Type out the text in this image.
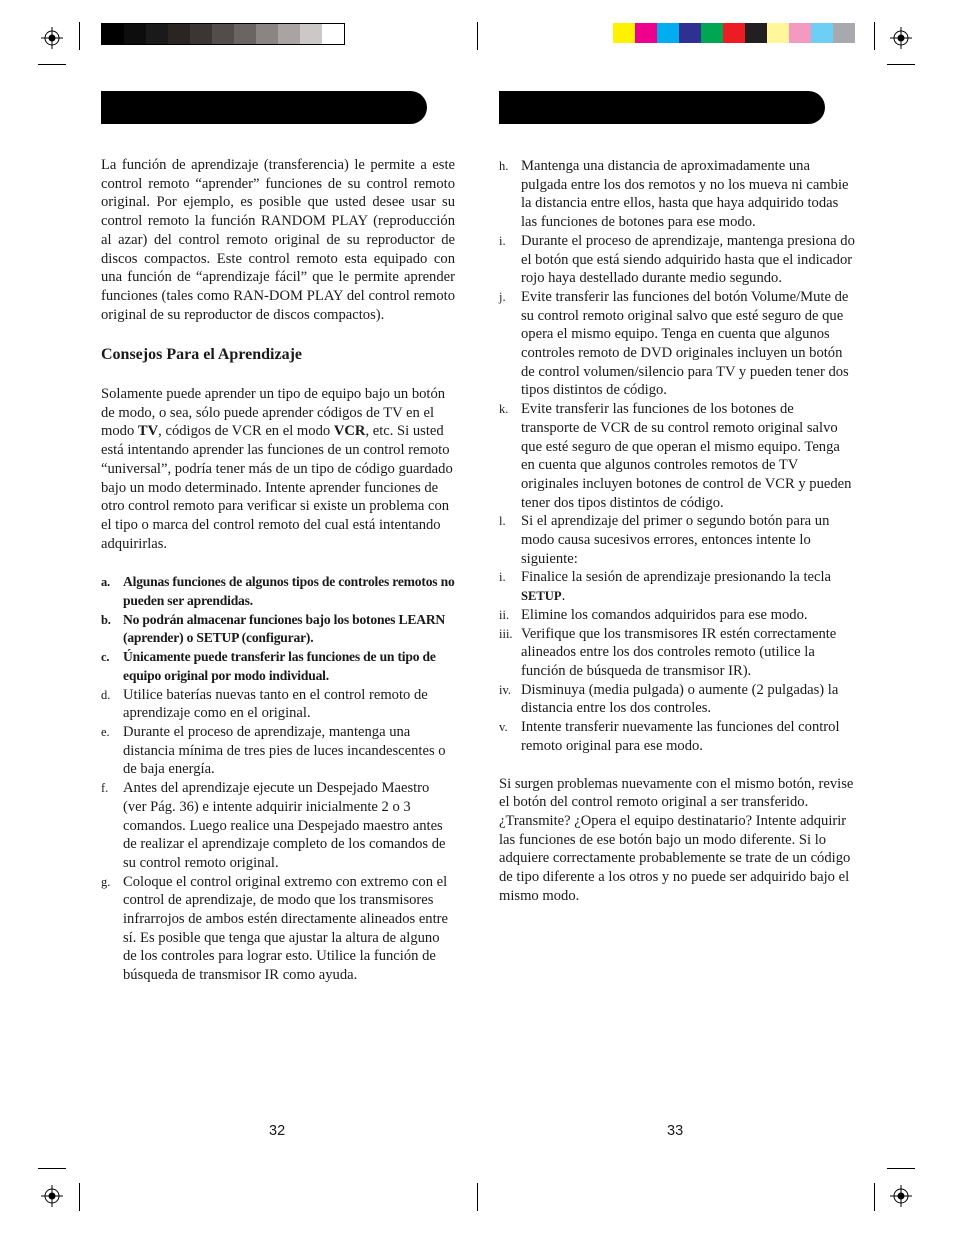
La función de aprendizaje (transferencia) le permite a este control remoto “aprender” funciones de su control remoto original. Por ejemplo, es posible que usted desee usar su control remoto la función RANDOM PLAY (reproducción al azar) del control remoto original de su reproductor de discos compactos. Este control remoto esta equipado con una función de “aprendizaje fácil” que le permite aprender funciones (tales como RAN-DOM PLAY del control remoto original de su reproductor de discos compactos).

Consejos Para el Aprendizaje

Solamente puede aprender un tipo de equipo bajo un botón de modo, o sea, sólo puede aprender códigos de TV en el modo TV, códigos de VCR en el modo VCR, etc. Si usted está intentando aprender las funciones de un control remoto “universal”, podría tener más de un tipo de código guardado bajo un modo determinado. Intente aprender funciones de otro control remoto para verificar si existe un problema con el tipo o marca del control remoto del cual está intentando adquirirlas.

a. Algunas funciones de algunos tipos de controles remotos no pueden ser aprendidas.
b. No podrán almacenar funciones bajo los botones LEARN (aprender) o SETUP (configurar).
c. Únicamente puede transferir las funciones de un tipo de equipo original por modo individual.
d. Utilice baterías nuevas tanto en el control remoto de aprendizaje como en el original.
e. Durante el proceso de aprendizaje, mantenga una distancia mínima de tres pies de luces incandescentes o de baja energía.
f. Antes del aprendizaje ejecute un Despejado Maestro (ver Pág. 36) e intente adquirir inicialmente 2 o 3 comandos. Luego realice una Despejado maestro antes de realizar el aprendizaje completo de los comandos de su control remoto original.
g. Coloque el control original extremo con extremo con el control de aprendizaje, de modo que los transmisores infrarrojos de ambos estén directamente alineados entre sí. Es posible que tenga que ajustar la altura de alguno de los controles para lograr esto. Utilice la función de búsqueda de transmisor IR como ayuda.
h. Mantenga una distancia de aproximadamente una pulgada entre los dos remotos y no los mueva ni cambie la distancia entre ellos, hasta que haya adquirido todas las funciones de botones para ese modo.
i. Durante el proceso de aprendizaje, mantenga presiona do el botón que está siendo adquirido hasta que el indicador rojo haya destellado durante medio segundo.
j. Evite transferir las funciones del botón Volume/Mute de su control remoto original salvo que esté seguro de que opera el mismo equipo. Tenga en cuenta que algunos controles remoto de DVD originales incluyen un botón de control volumen/silencio para TV y pueden tener dos tipos distintos de código.
k. Evite transferir las funciones de los botones de transporte de VCR de su control remoto original salvo que esté seguro de que operan el mismo equipo. Tenga en cuenta que algunos controles remotos de TV originales incluyen botones de control de VCR y pueden tener dos tipos distintos de código.
l. Si el aprendizaje del primer o segundo botón para un modo causa sucesivos errores, entonces intente lo siguiente:
i. Finalice la sesión de aprendizaje presionando la tecla SETUP.
ii. Elimine los comandos adquiridos para ese modo.
iii. Verifique que los transmisores IR estén correctamente alineados entre los dos controles remoto (utilice la función de búsqueda de transmisor IR).
iv. Disminuya (media pulgada) o aumente (2 pulgadas) la distancia entre los dos controles.
v. Intente transferir nuevamente las funciones del control remoto original para ese modo.

Si surgen problemas nuevamente con el mismo botón, revise el botón del control remoto original a ser transferido. ¿Transmite? ¿Opera el equipo destinatario? Intente adquirir las funciones de ese botón bajo un modo diferente. Si lo adquiere correctamente probablemente se trate de un código de tipo diferente a los otros y no puede ser adquirido bajo el mismo modo.

32	33
